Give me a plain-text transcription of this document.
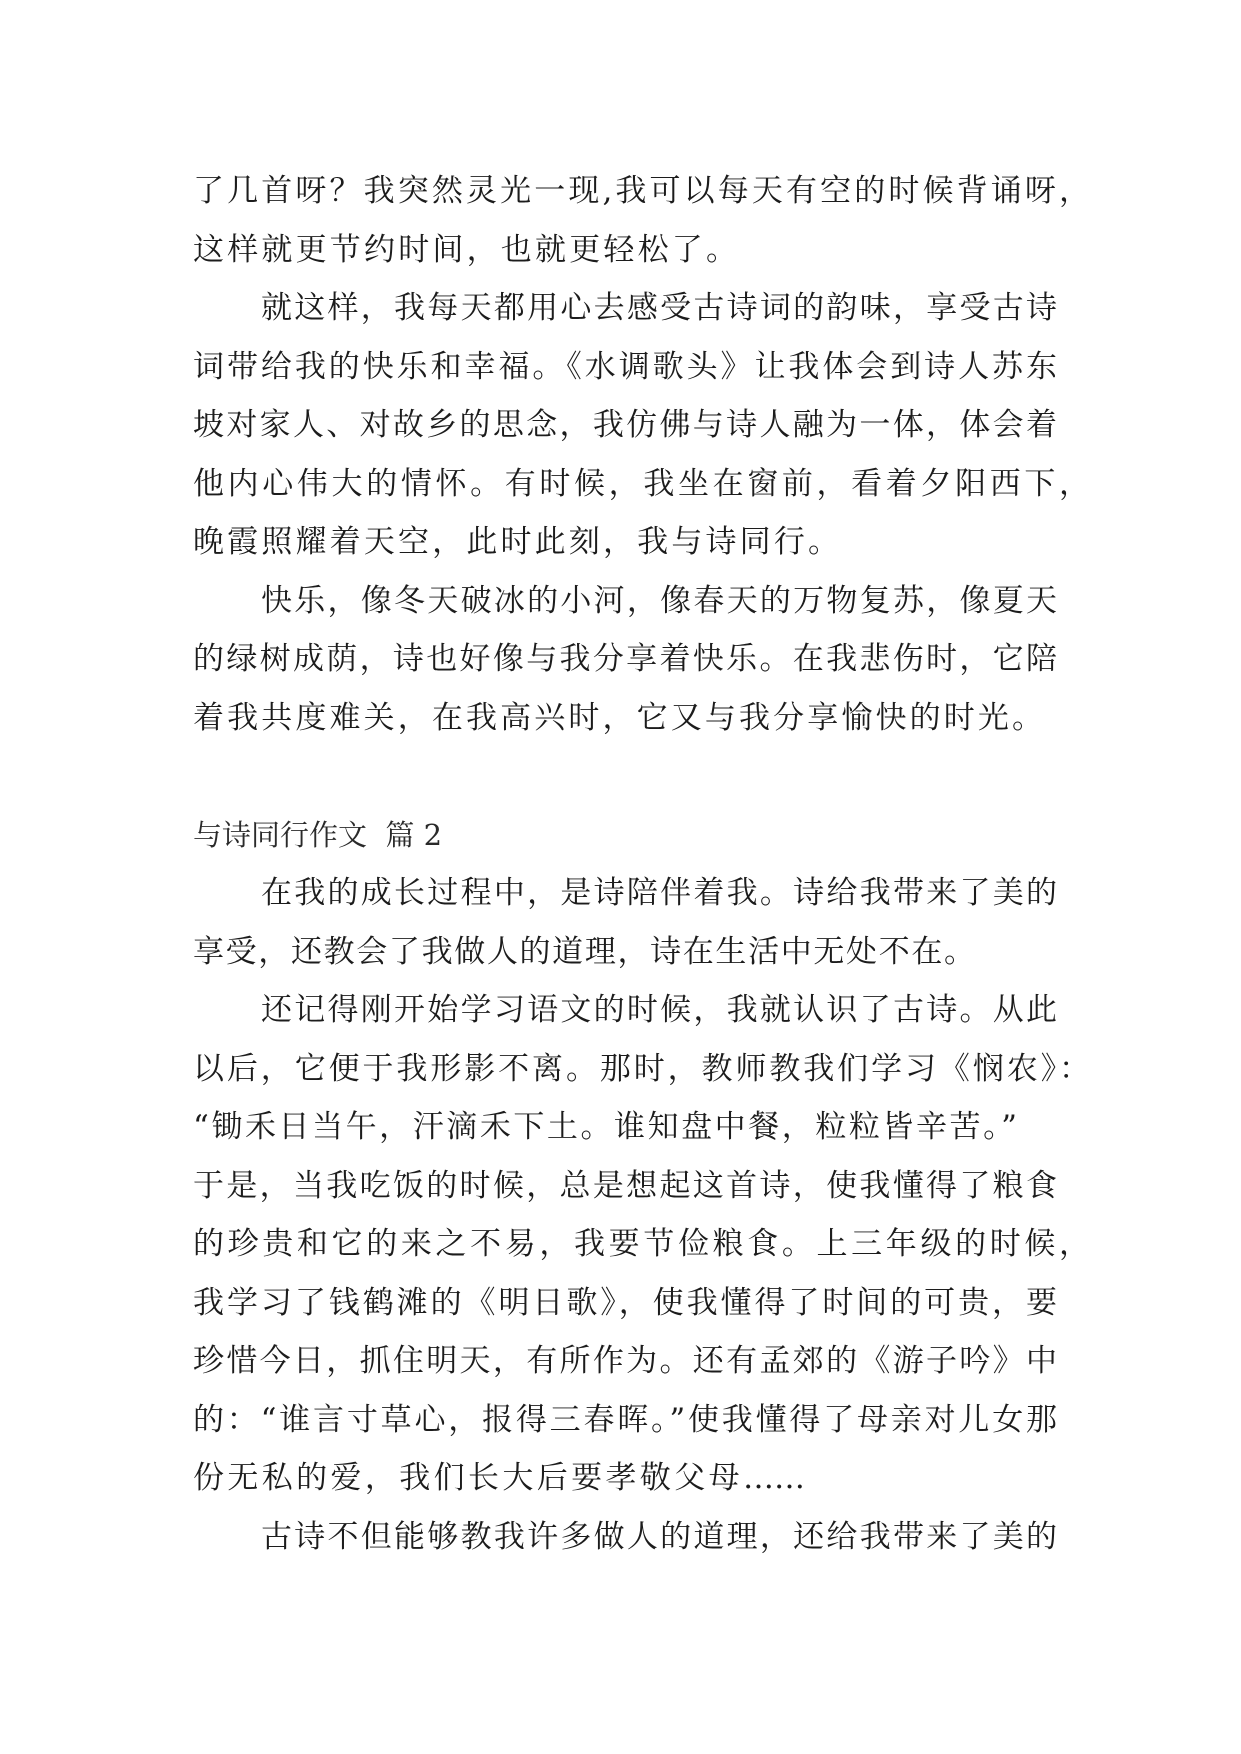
了几首呀？我突然灵光一现,我可以每天有空的时候背诵呀，
这样就更节约时间，也就更轻松了。
就这样，我每天都用心去感受古诗词的韵味，享受古诗
词带给我的快乐和幸福。《水调歌头》让我体会到诗人苏东
坡对家人、对故乡的思念，我仿佛与诗人融为一体，体会着
他内心伟大的情怀。有时候，我坐在窗前，看着夕阳西下，
晚霞照耀着天空，此时此刻，我与诗同行。
快乐，像冬天破冰的小河，像春天的万物复苏，像夏天
的绿树成荫，诗也好像与我分享着快乐。在我悲伤时，它陪
着我共度难关，在我高兴时，它又与我分享愉快的时光。
与诗同行作文  篇 2
在我的成长过程中，是诗陪伴着我。诗给我带来了美的
享受，还教会了我做人的道理，诗在生活中无处不在。
还记得刚开始学习语文的时候，我就认识了古诗。从此
以后，它便于我形影不离。那时，教师教我们学习《悯农》：
“锄禾日当午，汗滴禾下土。谁知盘中餐，粒粒皆辛苦。”
于是，当我吃饭的时候，总是想起这首诗，使我懂得了粮食
的珍贵和它的来之不易，我要节俭粮食。上三年级的时候，
我学习了钱鹤滩的《明日歌》，使我懂得了时间的可贵，要
珍惜今日，抓住明天，有所作为。还有孟郊的《游子吟》中
的：“谁言寸草心，报得三春晖。”使我懂得了母亲对儿女那
份无私的爱，我们长大后要孝敬父母……
古诗不但能够教我许多做人的道理，还给我带来了美的
